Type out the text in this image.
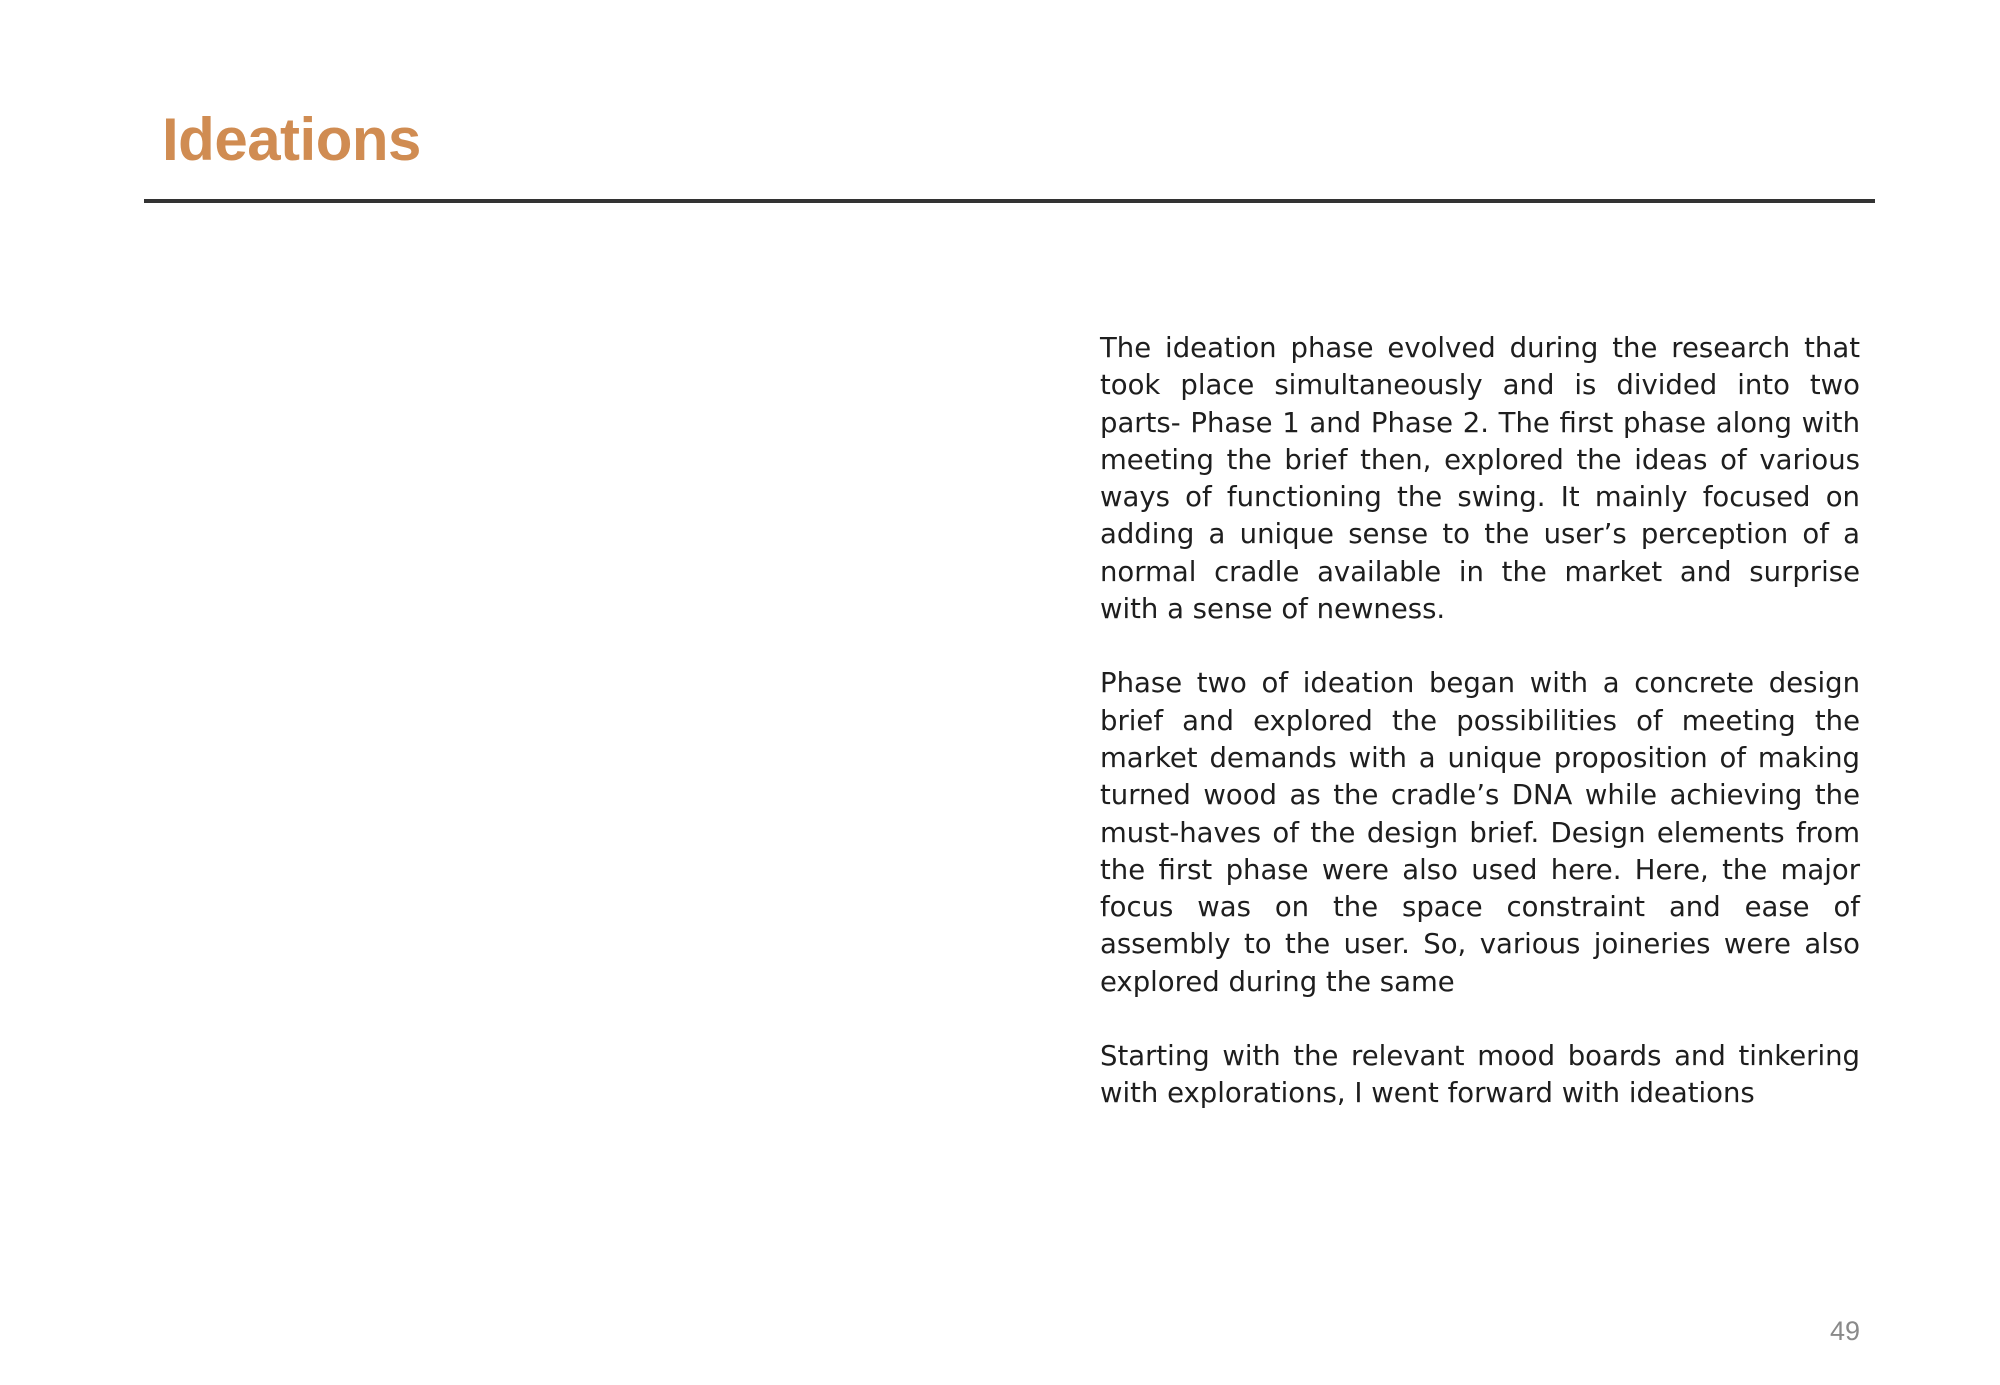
Ideations

The ideation phase evolved during the research that took place simultaneously and is divided into two parts- Phase 1 and Phase 2. The first phase along with meeting the brief then, explored the ideas of various ways of functioning the swing. It mainly focused on adding a unique sense to the user’s perception of a normal cradle available in the market and surprise with a sense of newness.

Phase two of ideation began with a concrete design brief and explored the possibilities of meeting the market demands with a unique proposition of making turned wood as the cradle’s DNA while achieving the must-haves of the design brief. Design elements from the first phase were also used here. Here, the major focus was on the space constraint and ease of assembly to the user. So, various joineries were also explored during the same

Starting with the relevant mood boards and tinkering with explorations, I went forward with ideations

49
